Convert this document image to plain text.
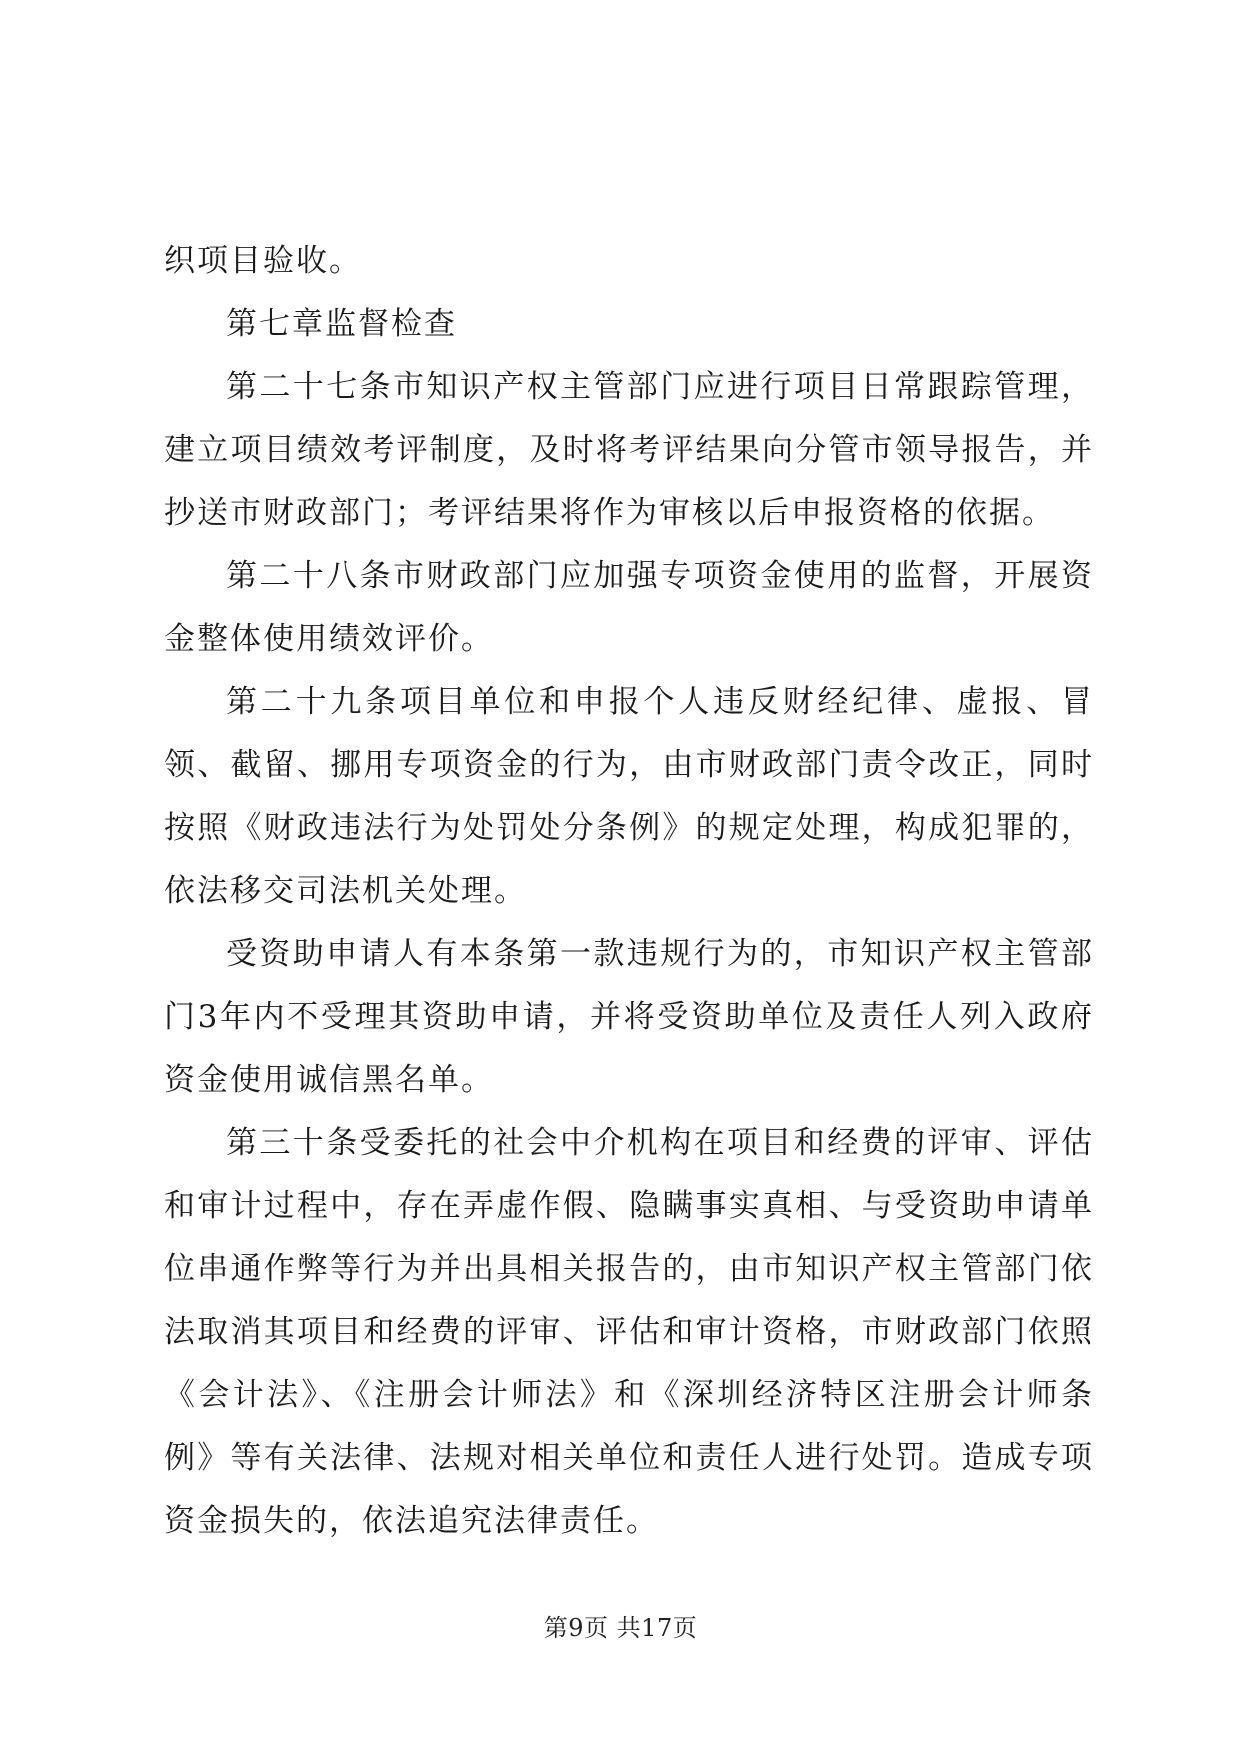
织项目验收。

第七章监督检查

第二十七条市知识产权主管部门应进行项目日常跟踪管理，建立项目绩效考评制度，及时将考评结果向分管市领导报告，并抄送市财政部门；考评结果将作为审核以后申报资格的依据。

第二十八条市财政部门应加强专项资金使用的监督，开展资金整体使用绩效评价。

第二十九条项目单位和申报个人违反财经纪律、虚报、冒领、截留、挪用专项资金的行为，由市财政部门责令改正，同时按照《财政违法行为处罚处分条例》的规定处理，构成犯罪的，依法移交司法机关处理。

受资助申请人有本条第一款违规行为的，市知识产权主管部门3年内不受理其资助申请，并将受资助单位及责任人列入政府资金使用诚信黑名单。

第三十条受委托的社会中介机构在项目和经费的评审、评估和审计过程中，存在弄虚作假、隐瞒事实真相、与受资助申请单位串通作弊等行为并出具相关报告的，由市知识产权主管部门依法取消其项目和经费的评审、评估和审计资格，市财政部门依照《会计法》、《注册会计师法》和《深圳经济特区注册会计师条例》等有关法律、法规对相关单位和责任人进行处罚。造成专项资金损失的，依法追究法律责任。

第9页 共17页
